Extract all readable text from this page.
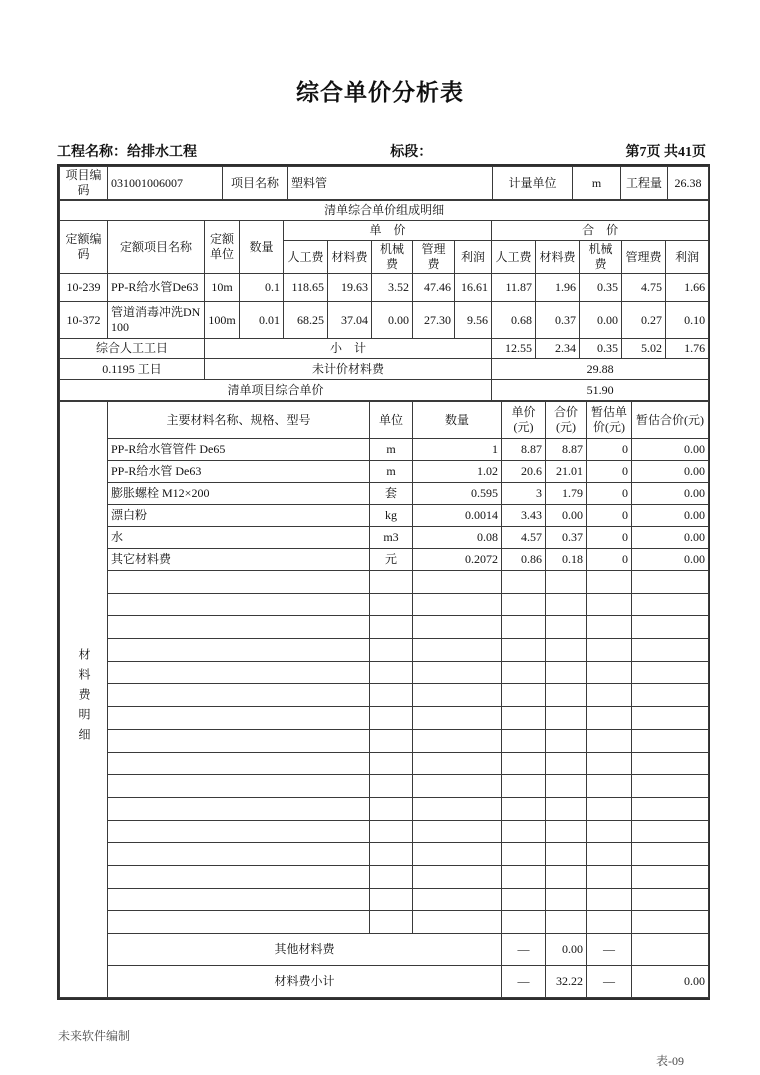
综合单价分析表
工程名称：给排水工程	标段：	第7页 共41页
项目编码	031001006007	项目名称	塑料管	计量单位	m	工程量	26.38
清单综合单价组成明细													
定额编码	定额项目名称	定额单位	数量	单　价					合　价				
				人工费	材料费	机械费	管理费	利润	人工费	材料费	机械费	管理费	利润
10-239	PP-R给水管De63	10m	0.1	118.65	19.63	3.52	47.46	16.61	11.87	1.96	0.35	4.75	1.66
10-372	管道消毒冲洗DN100	100m	0.01	68.25	37.04	0.00	27.30	9.56	0.68	0.37	0.00	0.27	0.10
综合人工工日		小　计							12.55	2.34	0.35	5.02	1.76
0.1195 工日		未计价材料费							29.88				
清单项目综合单价									51.90				
材料费明细	主要材料名称、规格、型号	单位	数量	单价(元)	合价(元)	暂估单价(元)	暂估合价(元)
	PP-R给水管管件 De65	m	1	8.87	8.87	0	0.00
	PP-R给水管 De63	m	1.02	20.6	21.01	0	0.00
	膨胀螺栓 M12×200	套	0.595	3	1.79	0	0.00
	漂白粉	kg	0.0014	3.43	0.00	0	0.00
	水	m3	0.08	4.57	0.37	0	0.00
	其它材料费	元	0.2072	0.86	0.18	0	0.00

	其他材料费			—	0.00	—	
	材料费小计			—	32.22	—	0.00
未来软件编制
表-09
